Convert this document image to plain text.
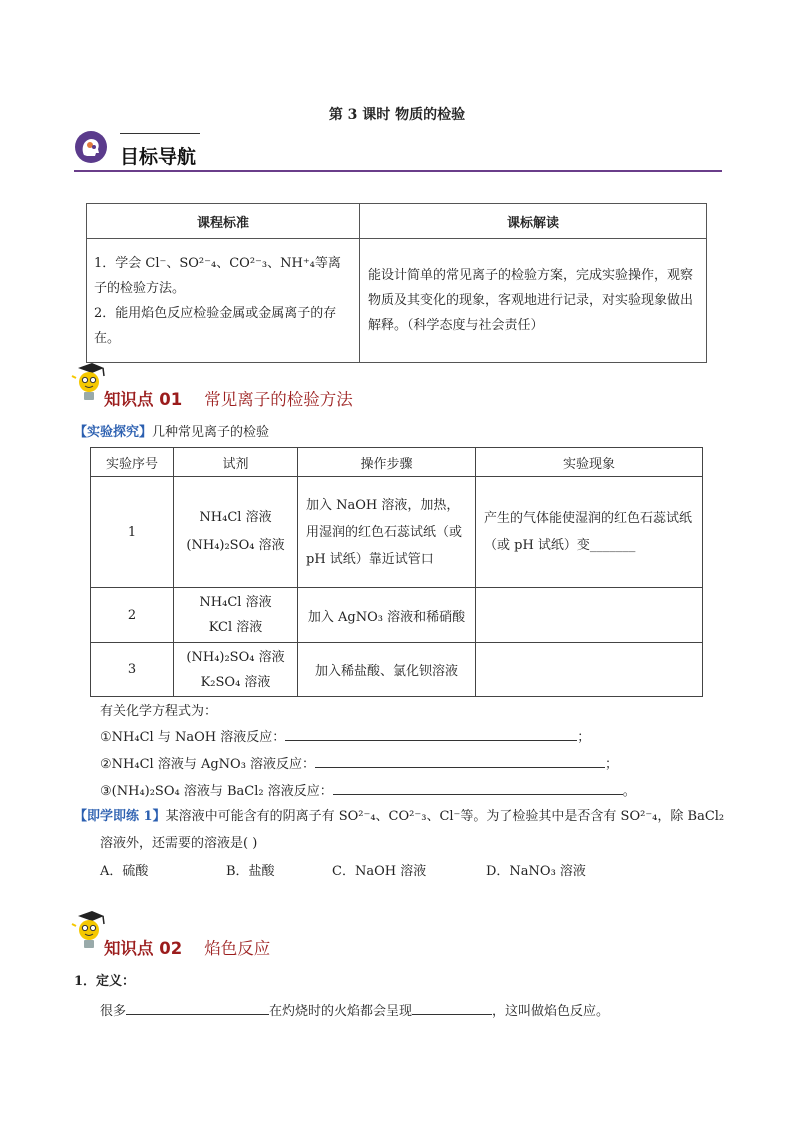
第 3 课时 物质的检验
目标导航
课程标准	课标解读

1．学会 Cl⁻、SO²⁻₄、CO²⁻₃、NH⁺₄等离子的检验方法。
2．能用焰色反应检验金属或金属离子的存在。	能设计简单的常见离子的检验方案，完成实验操作，观察物质及其变化的现象，客观地进行记录，对实验现象做出解释。（科学态度与社会责任）
知识点 01 常见离子的检验方法
【实验探究】几种常见离子的检验
实验序号	试剂	操作步骤	实验现象
1	NH₄Cl 溶液
(NH₄)₂SO₄ 溶液	加入 NaOH 溶液，加热，用湿润的红色石蕊试纸（或 pH 试纸）靠近试管口	产生的气体能使湿润的红色石蕊试纸（或 pH 试纸）变_______
2	NH₄Cl 溶液
KCl 溶液	加入 AgNO₃ 溶液和稀硝酸	
3	(NH₄)₂SO₄ 溶液
K₂SO₄ 溶液	加入稀盐酸、氯化钡溶液	
有关化学方程式为：
①NH₄Cl 与 NaOH 溶液反应：	；
②NH₄Cl 溶液与 AgNO₃ 溶液反应：	；
③(NH₄)₂SO₄ 溶液与 BaCl₂ 溶液反应：	。
【即学即练 1】某溶液中可能含有的阴离子有 SO²⁻₄、CO²⁻₃、Cl⁻等。为了检验其中是否含有 SO²⁻₄，除 BaCl₂
溶液外，还需要的溶液是( )
A．硫酸	B．盐酸	C．NaOH 溶液	D．NaNO₃ 溶液
知识点 02 焰色反应
1．定义：
很多	在灼烧时的火焰都会呈现	，这叫做焰色反应。
